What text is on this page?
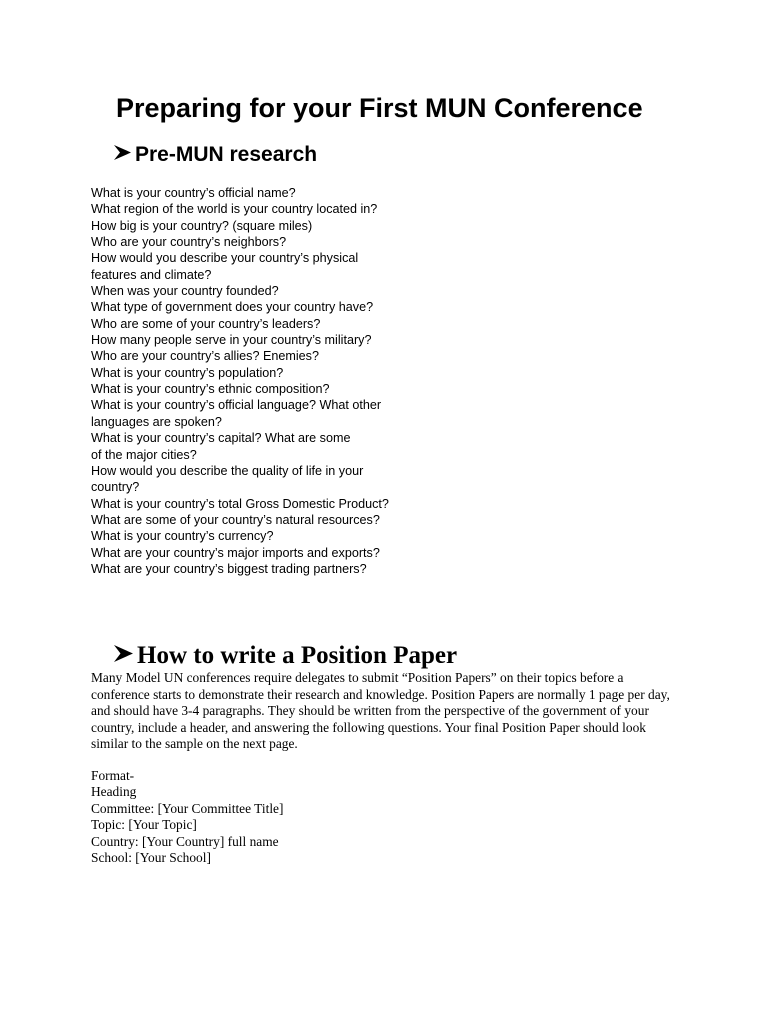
Preparing for your First MUN Conference
Pre-MUN research
What is your country’s official name?
What region of the world is your country located in?
How big is your country? (square miles)
Who are your country’s neighbors?
How would you describe your country’s physical
features and climate?
When was your country founded?
What type of government does your country have?
Who are some of your country’s leaders?
How many people serve in your country’s military?
Who are your country’s allies? Enemies?
What is your country’s population?
What is your country’s ethnic composition?
What is your country’s official language? What other
languages are spoken?
What is your country’s capital? What are some
of the major cities?
How would you describe the quality of life in your
country?
What is your country’s total Gross Domestic Product?
What are some of your country’s natural resources?
What is your country’s currency?
What are your country’s major imports and exports?
What are your country’s biggest trading partners?
How to write a Position Paper

Many Model UN conferences require delegates to submit “Position Papers” on their topics before a conference starts to demonstrate their research and knowledge. Position Papers are normally 1 page per day, and should have 3-4 paragraphs. They should be written from the perspective of the government of your country, include a header, and answering the following questions. Your final Position Paper should look similar to the sample on the next page.

Format-
Heading
Committee: [Your Committee Title]
Topic: [Your Topic]
Country: [Your Country] full name
School: [Your School]
